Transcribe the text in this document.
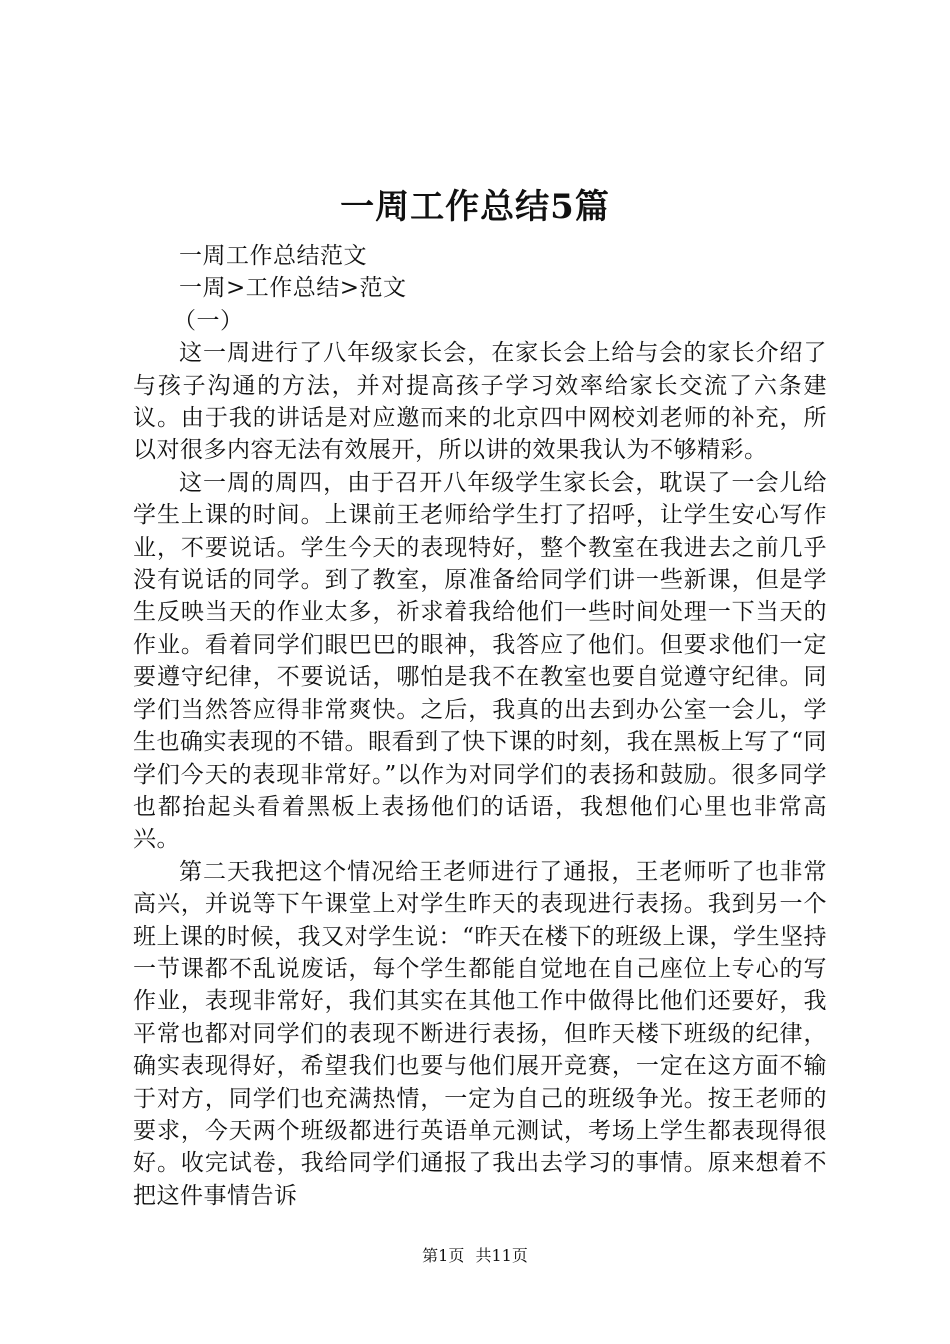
一周工作总结5篇

一周工作总结范文

一周>工作总结>范文

（一）

这一周进行了八年级家长会，在家长会上给与会的家长介绍了与孩子沟通的方法，并对提高孩子学习效率给家长交流了六条建议。由于我的讲话是对应邀而来的北京四中网校刘老师的补充，所以对很多内容无法有效展开，所以讲的效果我认为不够精彩。

这一周的周四，由于召开八年级学生家长会，耽误了一会儿给学生上课的时间。上课前王老师给学生打了招呼，让学生安心写作业，不要说话。学生今天的表现特好，整个教室在我进去之前几乎没有说话的同学。到了教室，原准备给同学们讲一些新课，但是学生反映当天的作业太多，祈求着我给他们一些时间处理一下当天的作业。看着同学们眼巴巴的眼神，我答应了他们。但要求他们一定要遵守纪律，不要说话，哪怕是我不在教室也要自觉遵守纪律。同学们当然答应得非常爽快。之后，我真的出去到办公室一会儿，学生也确实表现的不错。眼看到了快下课的时刻，我在黑板上写了“同学们今天的表现非常好。”以作为对同学们的表扬和鼓励。很多同学也都抬起头看着黑板上表扬他们的话语，我想他们心里也非常高兴。

第二天我把这个情况给王老师进行了通报，王老师听了也非常高兴，并说等下午课堂上对学生昨天的表现进行表扬。我到另一个班上课的时候，我又对学生说：“昨天在楼下的班级上课，学生坚持一节课都不乱说废话，每个学生都能自觉地在自己座位上专心的写作业，表现非常好，我们其实在其他工作中做得比他们还要好，我平常也都对同学们的表现不断进行表扬，但昨天楼下班级的纪律，确实表现得好，希望我们也要与他们展开竞赛，一定在这方面不输于对方，同学们也充满热情，一定为自己的班级争光。按王老师的要求，今天两个班级都进行英语单元测试，考场上学生都表现得很好。收完试卷，我给同学们通报了我出去学习的事情。原来想着不把这件事情告诉

第1页 共11页
